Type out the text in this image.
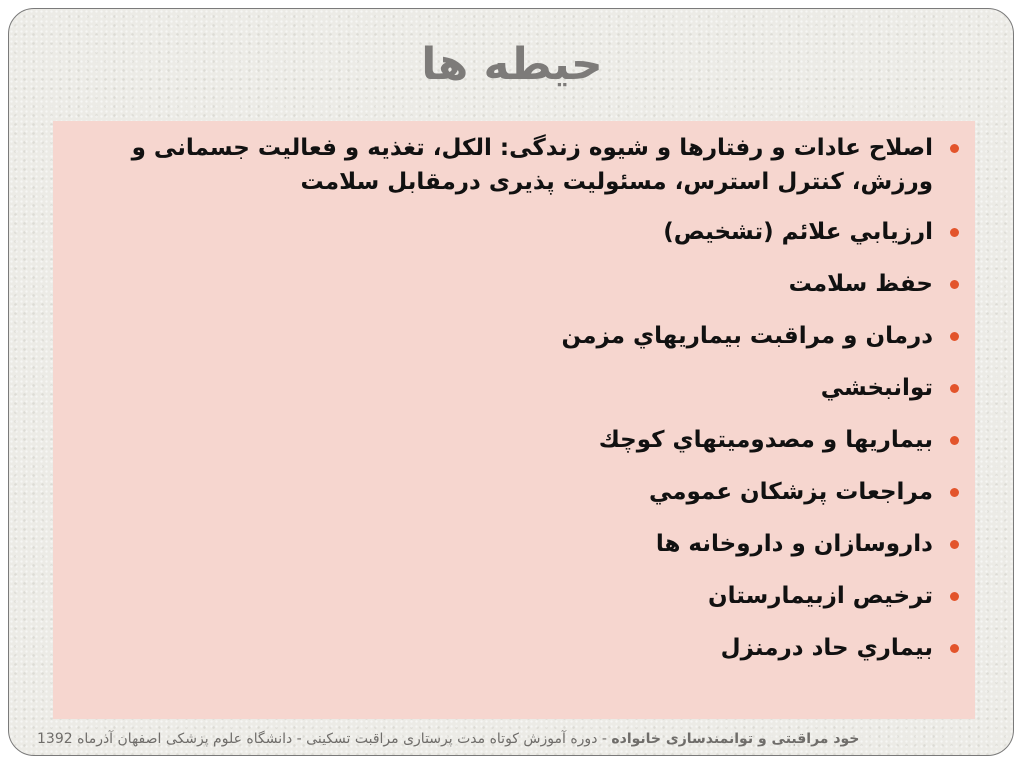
حیطه ها
اصلاح عادات و رفتارها و شیوه زندگی: الکل، تغذیه و فعالیت جسمانی و ورزش، کنترل استرس، مسئولیت پذیری درمقابل سلامت
ارزيابي علائم (تشخیص)
حفظ سلامت
درمان و مراقبت بيماريهاي مزمن
توانبخشي
بيماريها و مصدوميتهاي كوچك
مراجعات پزشكان عمومي
داروسازان و داروخانه ها
ترخیص ازبیمارستان
بيماري حاد درمنزل
خود مراقبتی و توانمندسازی خانواده - دوره آموزش کوتاه مدت پرستاری مراقبت تسکینی - دانشگاه علوم پزشکی اصفهان آذرماه 1392
